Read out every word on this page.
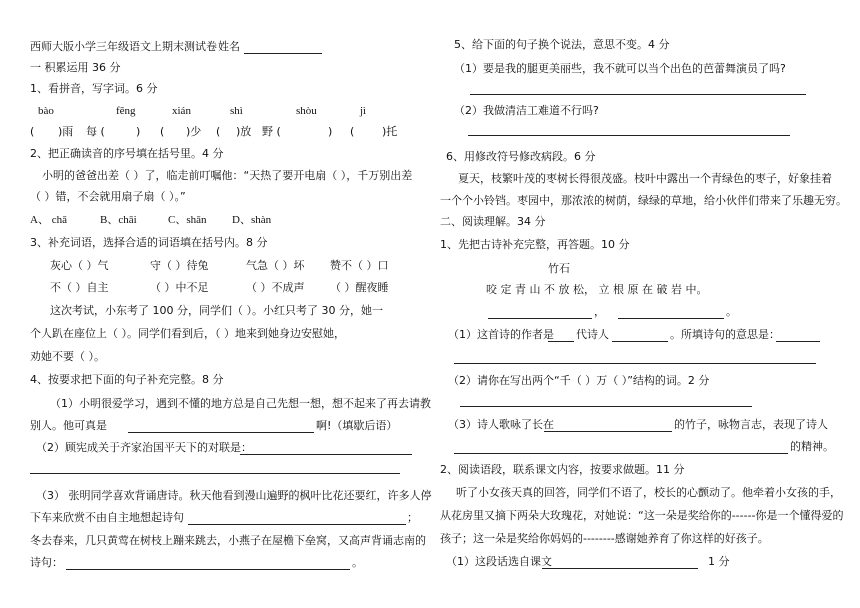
西师大版小学三年级语文上期末测试卷 姓名
一 积累运用 36 分
1、看拼音，写字词。6 分
bào	fēng	xián	shì	shòu	jì
( )雨 每 (	) ( )少 ( )放 野 (	) (	)托
2、把正确读音的序号填在括号里。4 分
小明的爸爸出差（ ）了，临走前叮嘱他：“天热了要开电扇（ ），千万别出差
（ ）错，不会就用扇子扇（ ）。”
A、 chā	B、chāi	C、shān D、shàn
3、补充词语，选择合适的词语填在括号内。8 分
灰心（ ）气	守（ ）待兔	气急（ ）坏 赞不（ ）口
不（ ）自主	（ ）中不足	（ ）不成声 （ ）醒夜睡
这次考试，小东考了 100 分，同学们（ ）。小红只考了 30 分，她一
个人趴在座位上（ ）。同学们看到后，（ ）地来到她身边安慰她，
劝她不要（ ）。
4、按要求把下面的句子补充完整。8 分
（1）小明很爱学习，遇到不懂的地方总是自己先想一想，想不起来了再去请教
别人。他可真是	啊!（填歇后语）
（2）顾宪成关于齐家治国平天下的对联是：
（3） 张明同学喜欢背诵唐诗。秋天他看到漫山遍野的枫叶比花还要红，许多人停
下车来欣赏不由自主地想起诗句	；
冬去春来，几只黄莺在树枝上蹦来跳去，小燕子在屋檐下垒窝，又高声背诵志南的
诗句：	。
5、给下面的句子换个说法，意思不变。4 分
（1）要是我的腿更美丽些，我不就可以当个出色的芭蕾舞演员了吗?
（2）我做清洁工难道不行吗?
6、用修改符号修改病段。6 分
夏天，枝繁叶茂的枣树长得很茂盛。枝叶中露出一个青绿色的枣子，好象挂着
一个个小铃铛。枣园中，那浓浓的树荫，绿绿的草地，给小伙伴们带来了乐趣无穷。
二、阅读理解。34 分
1、先把古诗补充完整，再答题。10 分
竹石
咬 定 青 山 不 放 松， 立 根 原 在 破 岩 中。
，	。
（1）这首诗的作者是 代诗人	。所填诗句的意思是：
（2）请你在写出两个“千（ ）万（ ）”结构的词。2 分
（3）诗人歌咏了长在	的竹子，咏物言志，表现了诗人
的精神。
2、阅读语段，联系课文内容，按要求做题。11 分
听了小女孩天真的回答，同学们不语了，校长的心颤动了。他牵着小女孩的手，
从花房里又摘下两朵大玫瑰花，对她说：“这一朵是奖给你的------你是一个懂得爱的
孩子；这一朵是奖给你妈妈的--------感谢她养育了你这样的好孩子。
（1）这段话选自课文	1 分
